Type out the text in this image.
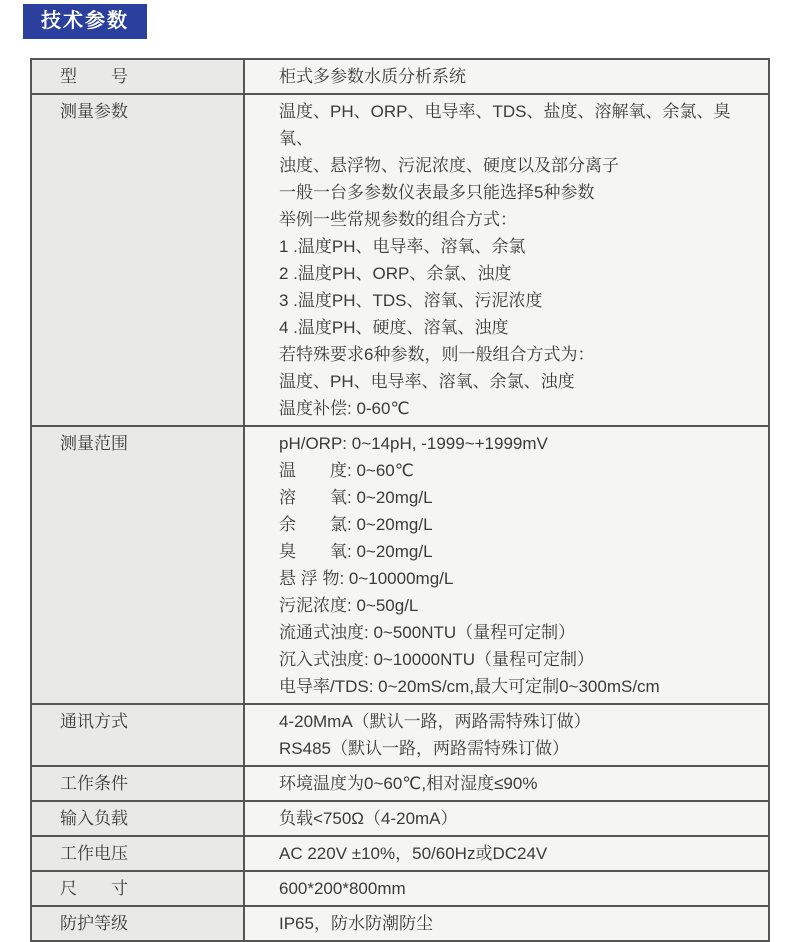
技术参数
型　　号	柜式多参数水质分析系统

测量参数	温度、PH、ORP、电导率、TDS、盐度、溶解氧、余氯、臭氧、
浊度、悬浮物、污泥浓度、硬度以及部分离子
一般一台多参数仪表最多只能选择5种参数
举例一些常规参数的组合方式：
1 .温度PH、电导率、溶氧、余氯
2 .温度PH、ORP、余氯、浊度
3 .温度PH、TDS、溶氧、污泥浓度
4 .温度PH、硬度、溶氧、浊度
若特殊要求6种参数，则一般组合方式为：
温度、PH、电导率、溶氧、余氯、浊度
温度补偿: 0-60℃

测量范围	pH/ORP: 0~14pH, -1999~+1999mV
温　　度: 0~60℃
溶　　氧: 0~20mg/L
余　　氯: 0~20mg/L
臭　　氧: 0~20mg/L
悬 浮 物: 0~10000mg/L
污泥浓度: 0~50g/L
流通式浊度: 0~500NTU（量程可定制）
沉入式浊度: 0~10000NTU（量程可定制）
电导率/TDS: 0~20mS/cm,最大可定制0~300mS/cm

通讯方式	4-20MmA（默认一路，两路需特殊订做）
RS485（默认一路，两路需特殊订做）

工作条件	环境温度为0~60℃,相对湿度≤90%

输入负载	负载<750Ω（4-20mA）

工作电压	AC 220V ±10%，50/60Hz或DC24V

尺　　寸	600*200*800mm

防护等级	IP65，防水防潮防尘
